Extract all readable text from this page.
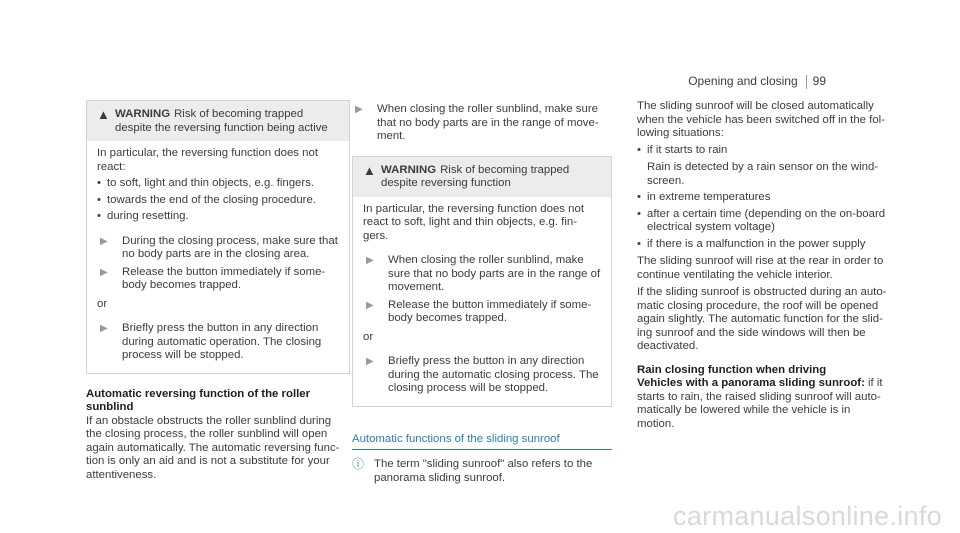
Opening and closing	99
▲ WARNING Risk of becoming trapped despite the reversing function being active

In particular, the reversing function does not react:

• to soft, light and thin objects, e.g. fingers.
• towards the end of the closing procedure.
• during resetting.
▶	During the closing process, make sure that no body parts are in the closing area.
▶	Release the button immediately if some-body becomes trapped.

or

▶	Briefly press the button in any direction during automatic operation. The closing process will be stopped.

Automatic reversing function of the roller sunblind

If an obstacle obstructs the roller sunblind during the closing process, the roller sunblind will open again automatically. The automatic reversing func-tion is only an aid and is not a substitute for your attentiveness.

▶	When closing the roller sunblind, make sure that no body parts are in the range of move-ment.
▲ WARNING Risk of becoming trapped despite reversing function

In particular, the reversing function does not react to soft, light and thin objects, e.g. fin-gers.

▶	When closing the roller sunblind, make sure that no body parts are in the range of movement.
▶	Release the button immediately if some-body becomes trapped.

or

▶	Briefly press the button in any direction during the automatic closing process. The closing process will be stopped.

Automatic functions of the sliding sunroof

ⓘ The term "sliding sunroof" also refers to the panorama sliding sunroof.

The sliding sunroof will be closed automatically when the vehicle has been switched off in the fol-lowing situations:

• if it starts to rain

Rain is detected by a rain sensor on the wind-screen.
• in extreme temperatures
• after a certain time (depending on the on-board electrical system voltage)
• if there is a malfunction in the power supply

The sliding sunroof will rise at the rear in order to continue ventilating the vehicle interior.

If the sliding sunroof is obstructed during an auto-matic closing procedure, the roof will be opened again slightly. The automatic function for the slid-ing sunroof and the side windows will then be deactivated.

Rain closing function when driving

Vehicles with a panorama sliding sunroof: if it starts to rain, the raised sliding sunroof will auto-matically be lowered while the vehicle is in motion.

carmanualsonline.info
